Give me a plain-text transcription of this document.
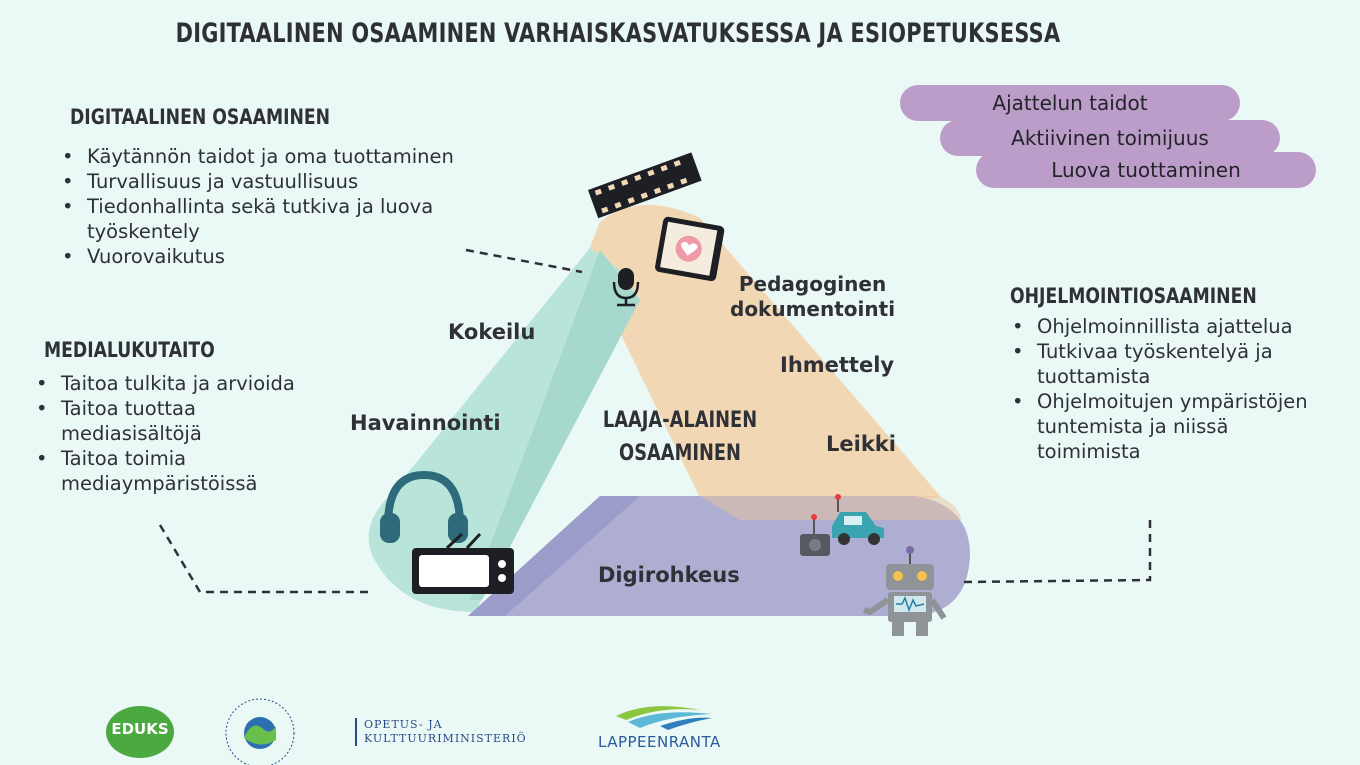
DIGITAALINEN OSAAMINEN VARHAISKASVATUKSESSA JA ESIOPETUKSESSA
Ajattelun taidot
Aktiivinen toimijuus
Luova tuottaminen
DIGITAALINEN OSAAMINEN
• Käytännön taidot ja oma tuottaminen
• Turvallisuus ja vastuullisuus
• Tiedonhallinta sekä tutkiva ja luova työskentely
• Vuorovaikutus
MEDIALUKUTAITO
• Taitoa tulkita ja arvioida
• Taitoa tuottaa mediasisältöjä
• Taitoa toimia mediaympäristöissä
OHJELMOINTIOSAAMINEN
• Ohjelmoinnillista ajattelua
• Tutkivaa työskentelyä ja tuottamista
• Ohjelmoitujen ympäristöjen tuntemista ja niissä toimimista
Kokeilu
Havainnointi
Pedagoginen
dokumentointi
Ihmettely
Leikki
Digirohkeus
LAAJA-ALAINEN
OSAAMINEN
EDUKS	OPETUS- JA
KULTTUURIMINISTERIÖ	LAPPEENRANTA
